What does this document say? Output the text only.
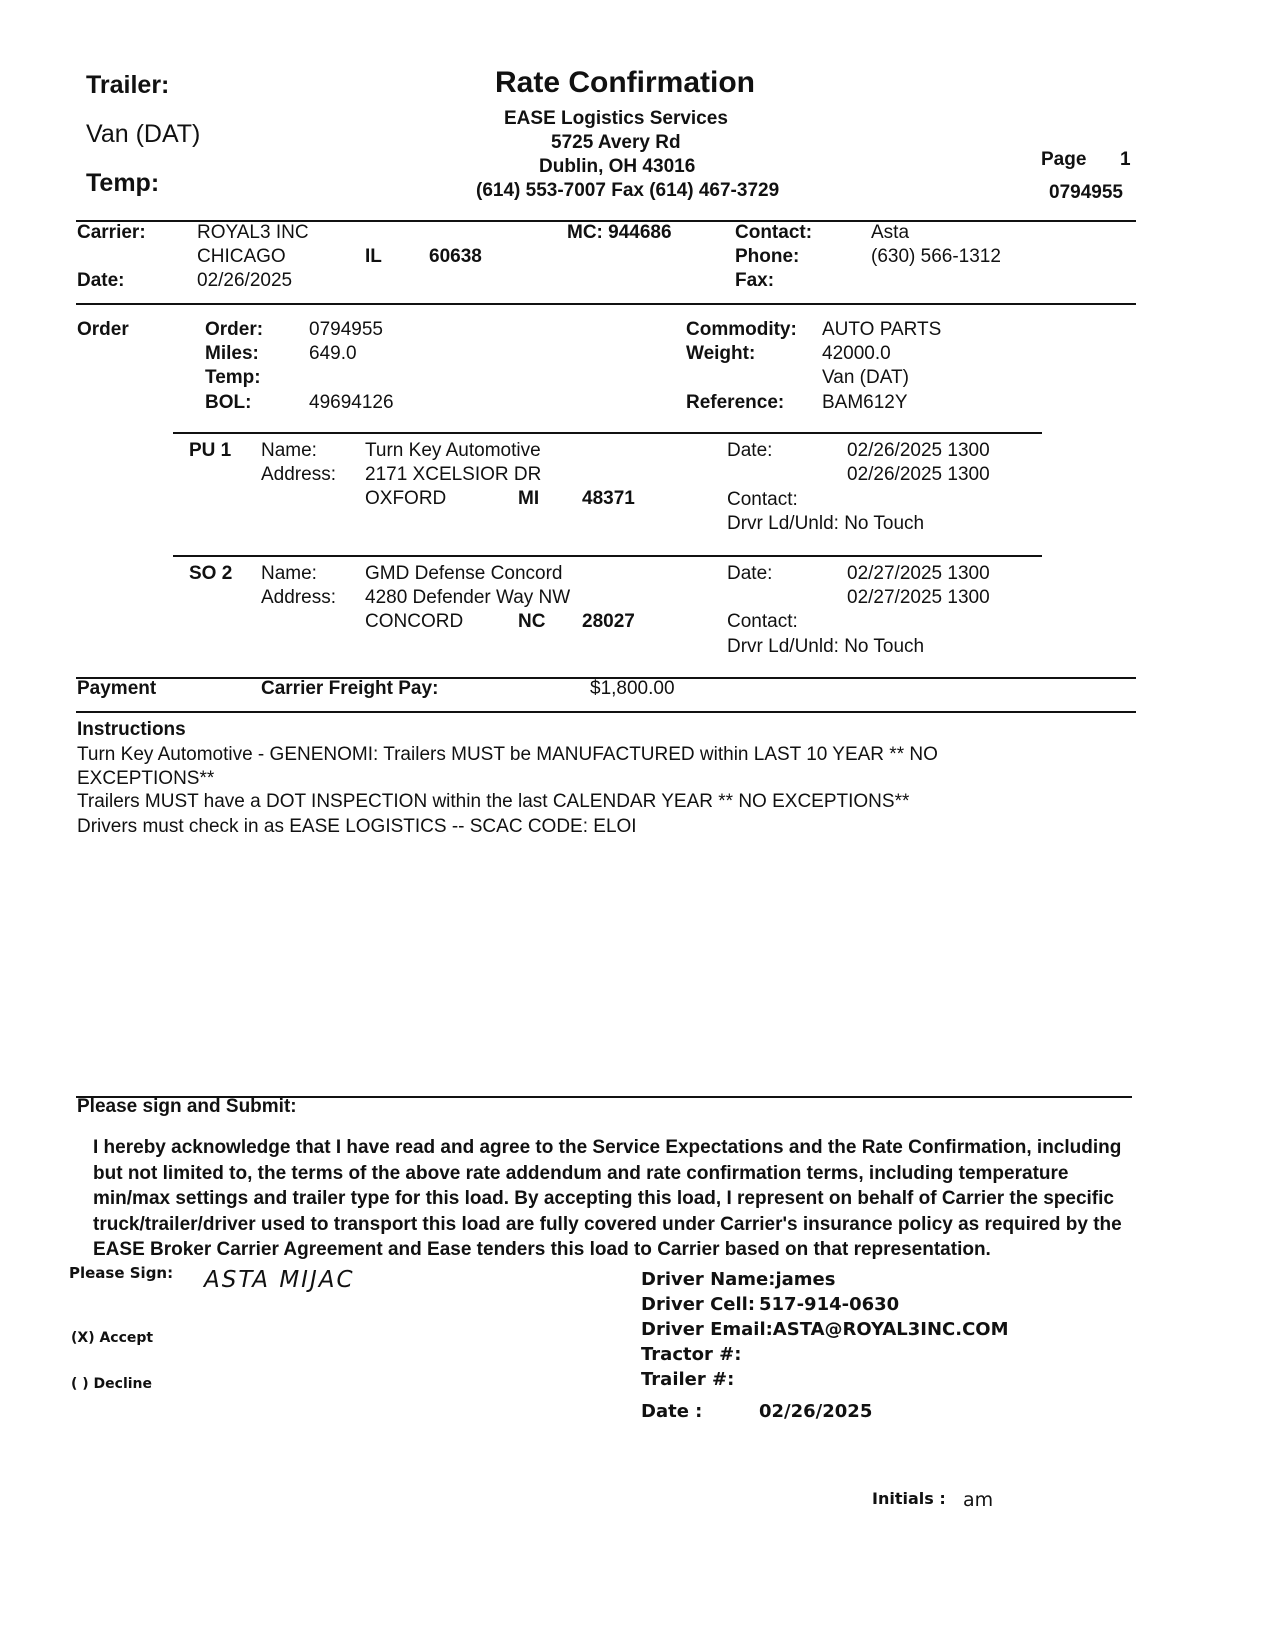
Trailer:
Van (DAT)
Temp:
Rate Confirmation
EASE Logistics Services
5725 Avery Rd
Dublin, OH 43016
(614) 553-7007 Fax (614) 467-3729
Page 1
0794955
Carrier:	ROYAL3 INC
CHICAGO	IL 60638
Date:	02/26/2025
MC: 944686	Contact:	Asta
Phone:	(630) 566-1312
Fax:
Order	Order: 0794955
Miles:	649.0
Temp:
BOL:	49694126
Commodity: AUTO PARTS
Weight:	42000.0
Van (DAT)
Reference: BAM612Y
PU 1 Name:	Turn Key Automotive
Address: 2171 XCELSIOR DR
OXFORD	MI 48371
Date:	02/26/2025 1300
02/26/2025 1300
Contact:
Drvr Ld/Unld: No Touch
SO 2 Name:	GMD Defense Concord
Address: 4280 Defender Way NW
CONCORD	NC 28027
Date:	02/27/2025 1300
02/27/2025 1300
Contact:
Drvr Ld/Unld: No Touch
Payment	Carrier Freight Pay:	$1,800.00
Instructions
Turn Key Automotive - GENENOMI: Trailers MUST be MANUFACTURED within LAST 10 YEAR ** NO EXCEPTIONS**
Trailers MUST have a DOT INSPECTION within the last CALENDAR YEAR ** NO EXCEPTIONS**
Drivers must check in as EASE LOGISTICS -- SCAC CODE: ELOI
Please sign and Submit:
I hereby acknowledge that I have read and agree to the Service Expectations and the Rate Confirmation, including but not limited to, the terms of the above rate addendum and rate confirmation terms, including temperature min/max settings and trailer type for this load. By accepting this load, I represent on behalf of Carrier the specific truck/trailer/driver used to transport this load are fully covered under Carrier's insurance policy as required by the EASE Broker Carrier Agreement and Ease tenders this load to Carrier based on that representation.
Please Sign: ASTA MIJAC
(X) Accept
( ) Decline
Driver Name:james
Driver Cell: 517-914-0630
Driver Email:ASTA@ROYAL3INC.COM
Tractor #:
Trailer #:
Date :	02/26/2025
Initials : am
